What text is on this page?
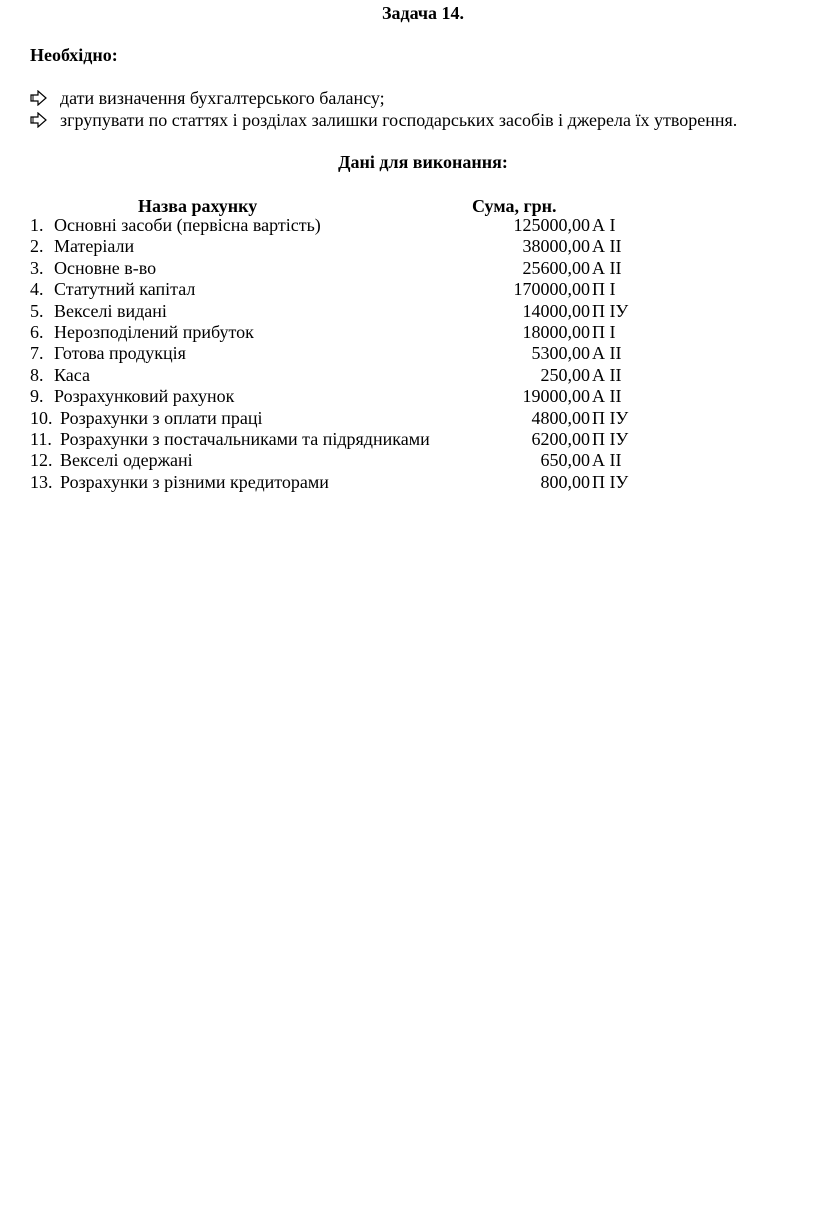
Задача 14.
Необхідно:
дати визначення бухгалтерського балансу;
згрупувати по статтях і розділах залишки господарських засобів і джерела їх утворення.
Дані для виконання:
Назва рахунку	Сума, грн.
1. Основні засоби (первісна вартість)	125000,00 А І
2. Матеріали	38000,00 А ІІ
3. Основне в-во	25600,00 А ІІ
4. Статутний капітал	170000,00 П І
5. Векселі видані	14000,00 П ІУ
6. Нерозподілений прибуток	18000,00 П І
7. Готова продукція	5300,00 А ІІ
8. Каса	250,00 А ІІ
9. Розрахунковий рахунок	19000,00 А ІІ
10. Розрахунки з оплати праці	4800,00 П ІУ
11. Розрахунки з постачальниками та підрядниками	6200,00 П ІУ
12. Векселі одержані	650,00 А ІІ
13. Розрахунки з різними кредиторами	800,00 П ІУ
